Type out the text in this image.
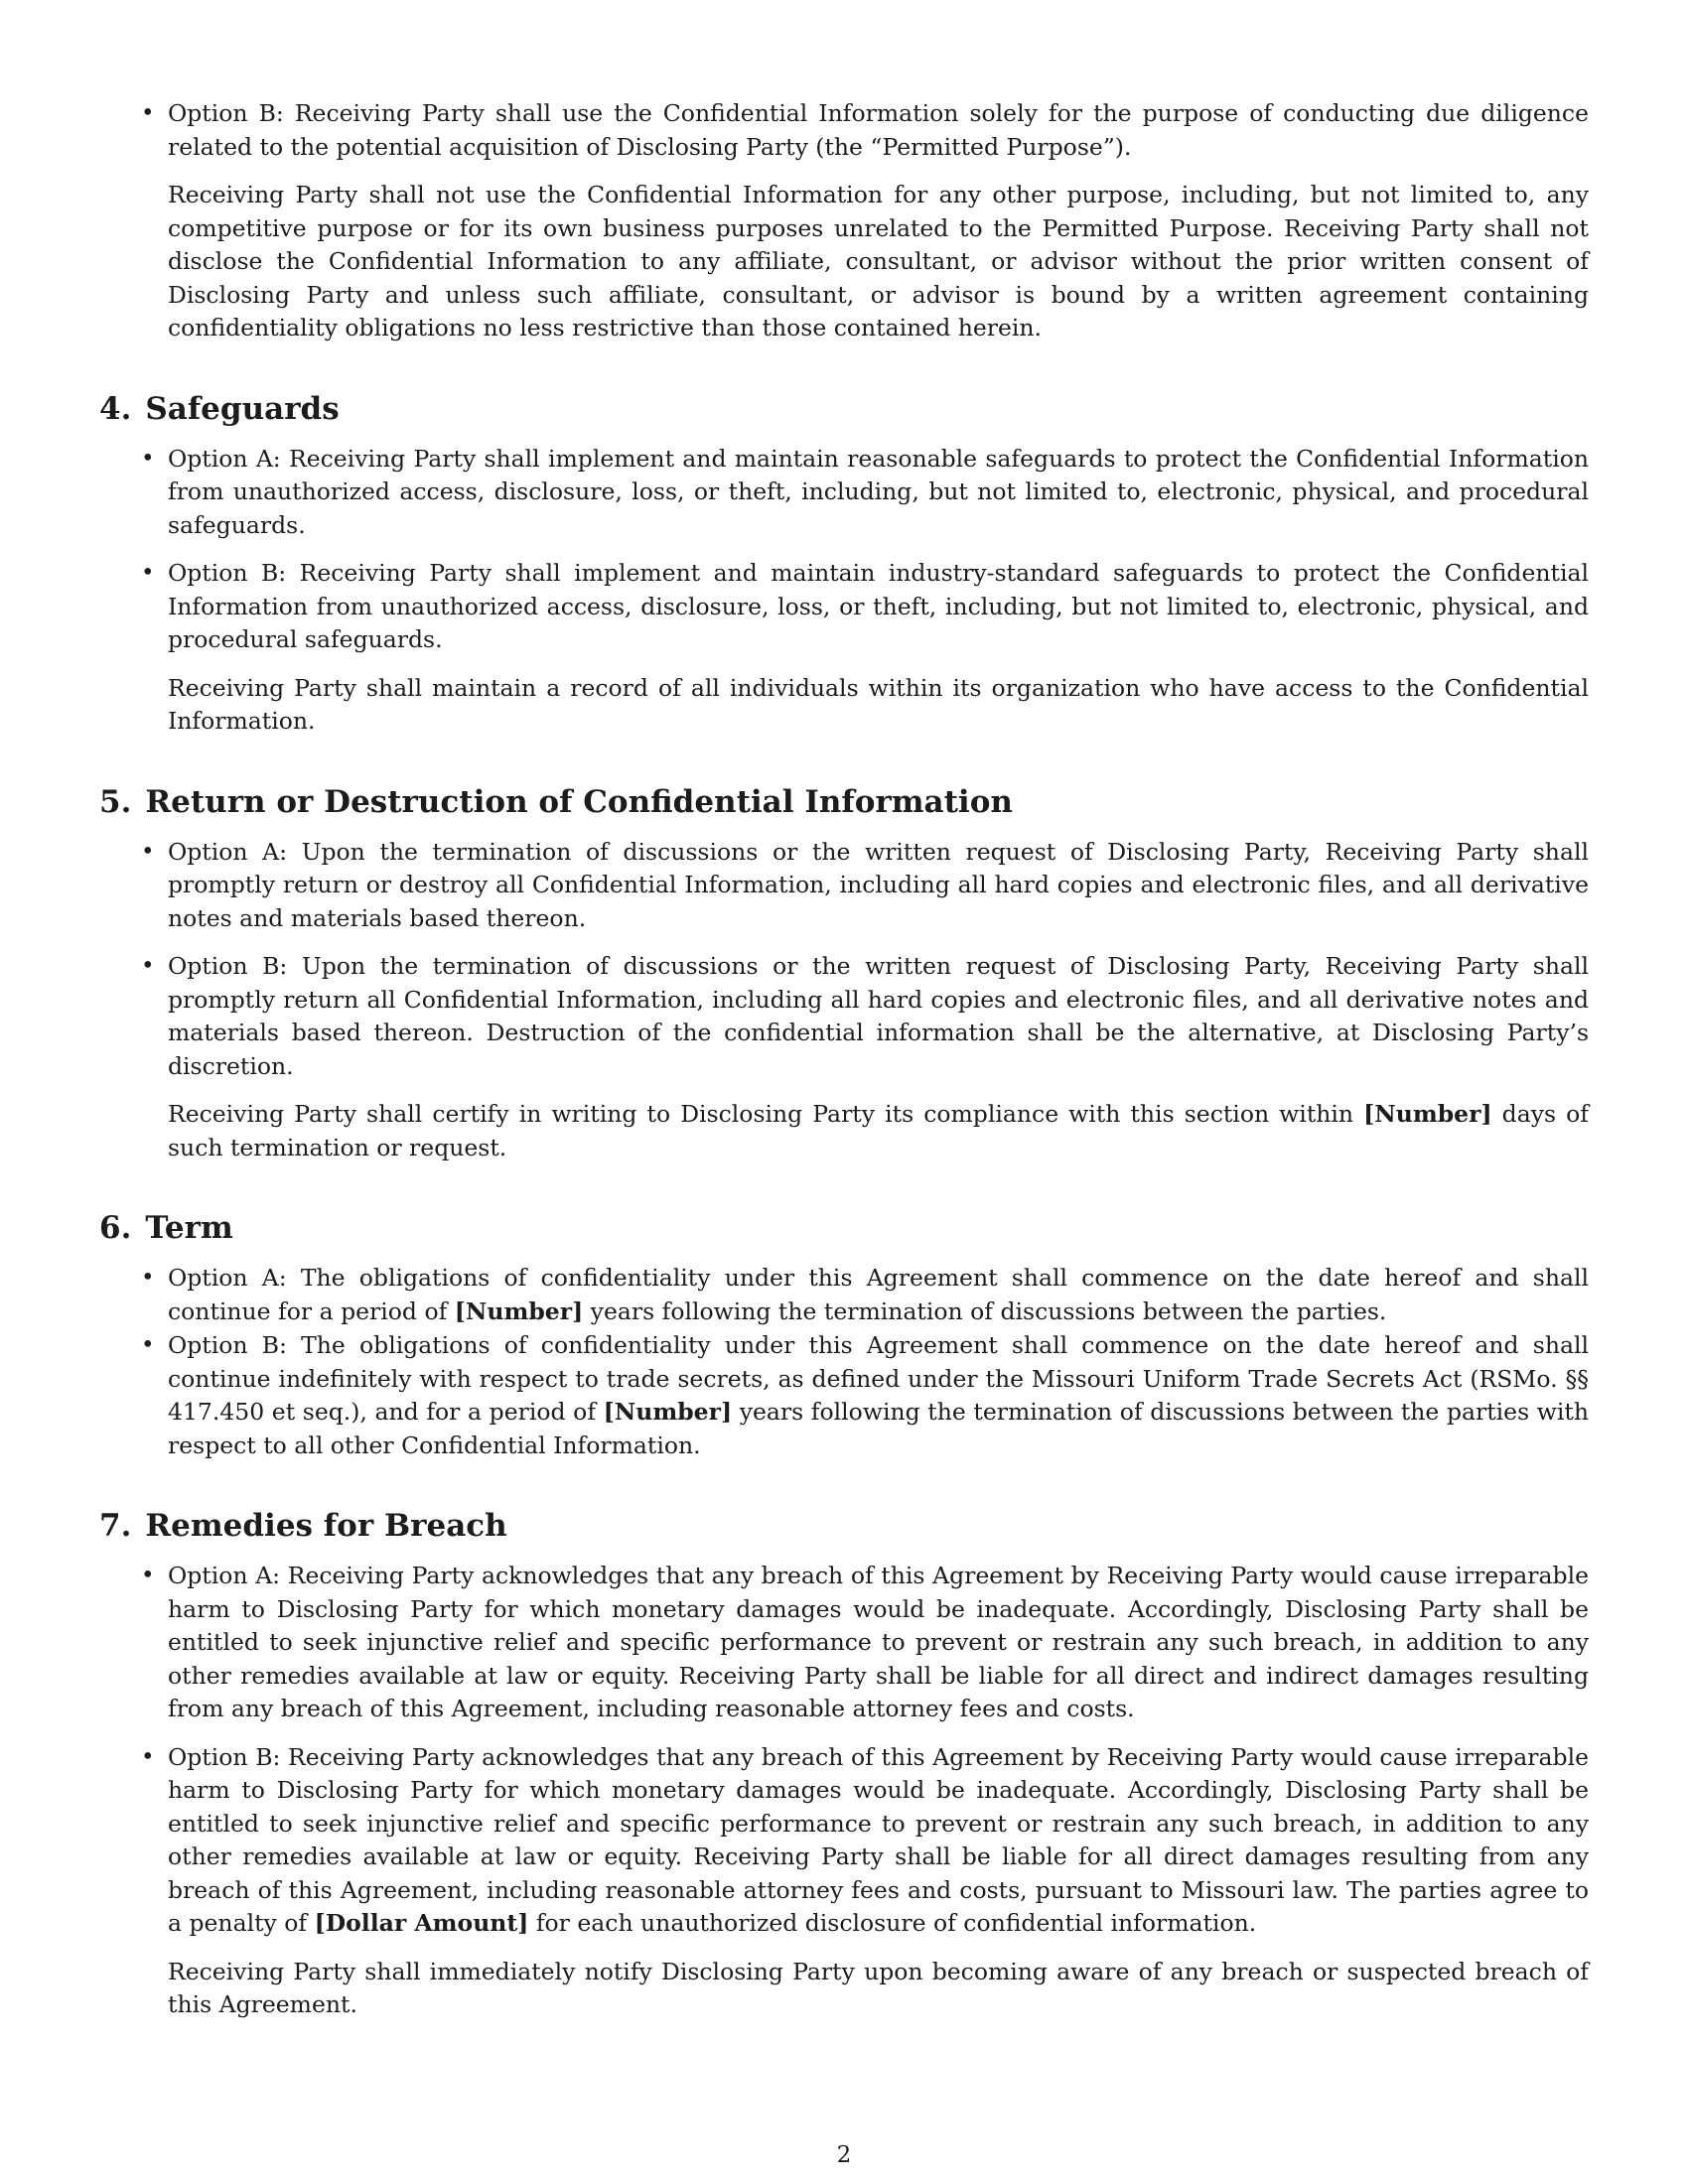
• Option B: Receiving Party shall use the Confidential Information solely for the purpose of conducting due diligence related to the potential acquisition of Disclosing Party (the “Permitted Purpose”).

Receiving Party shall not use the Confidential Information for any other purpose, including, but not limited to, any competitive purpose or for its own business purposes unrelated to the Permitted Purpose. Receiving Party shall not disclose the Confidential Information to any affiliate, consultant, or advisor without the prior written consent of Disclosing Party and unless such affiliate, consultant, or advisor is bound by a written agreement containing confidentiality obligations no less restrictive than those contained herein.

4. Safeguards
• Option A: Receiving Party shall implement and maintain reasonable safeguards to protect the Confidential Information from unauthorized access, disclosure, loss, or theft, including, but not limited to, electronic, physical, and procedural safeguards.
• Option B: Receiving Party shall implement and maintain industry-standard safeguards to protect the Confidential Information from unauthorized access, disclosure, loss, or theft, including, but not limited to, electronic, physical, and procedural safeguards.

Receiving Party shall maintain a record of all individuals within its organization who have access to the Confidential Information.

5. Return or Destruction of Confidential Information
• Option A: Upon the termination of discussions or the written request of Disclosing Party, Receiving Party shall promptly return or destroy all Confidential Information, including all hard copies and electronic files, and all derivative notes and materials based thereon.
• Option B: Upon the termination of discussions or the written request of Disclosing Party, Receiving Party shall promptly return all Confidential Information, including all hard copies and electronic files, and all derivative notes and materials based thereon. Destruction of the confidential information shall be the alternative, at Disclosing Party’s discretion.

Receiving Party shall certify in writing to Disclosing Party its compliance with this section within [Number] days of such termination or request.

6. Term
• Option A: The obligations of confidentiality under this Agreement shall commence on the date hereof and shall continue for a period of [Number] years following the termination of discussions between the parties.
• Option B: The obligations of confidentiality under this Agreement shall commence on the date hereof and shall continue indefinitely with respect to trade secrets, as defined under the Missouri Uniform Trade Secrets Act (RSMo. §§ 417.450 et seq.), and for a period of [Number] years following the termination of discussions between the parties with respect to all other Confidential Information.
7. Remedies for Breach
• Option A: Receiving Party acknowledges that any breach of this Agreement by Receiving Party would cause irreparable harm to Disclosing Party for which monetary damages would be inadequate. Accordingly, Disclosing Party shall be entitled to seek injunctive relief and specific performance to prevent or restrain any such breach, in addition to any other remedies available at law or equity. Receiving Party shall be liable for all direct and indirect damages resulting from any breach of this Agreement, including reasonable attorney fees and costs.
• Option B: Receiving Party acknowledges that any breach of this Agreement by Receiving Party would cause irreparable harm to Disclosing Party for which monetary damages would be inadequate. Accordingly, Disclosing Party shall be entitled to seek injunctive relief and specific performance to prevent or restrain any such breach, in addition to any other remedies available at law or equity. Receiving Party shall be liable for all direct damages resulting from any breach of this Agreement, including reasonable attorney fees and costs, pursuant to Missouri law. The parties agree to a penalty of [Dollar Amount] for each unauthorized disclosure of confidential information.

Receiving Party shall immediately notify Disclosing Party upon becoming aware of any breach or suspected breach of this Agreement.

2
